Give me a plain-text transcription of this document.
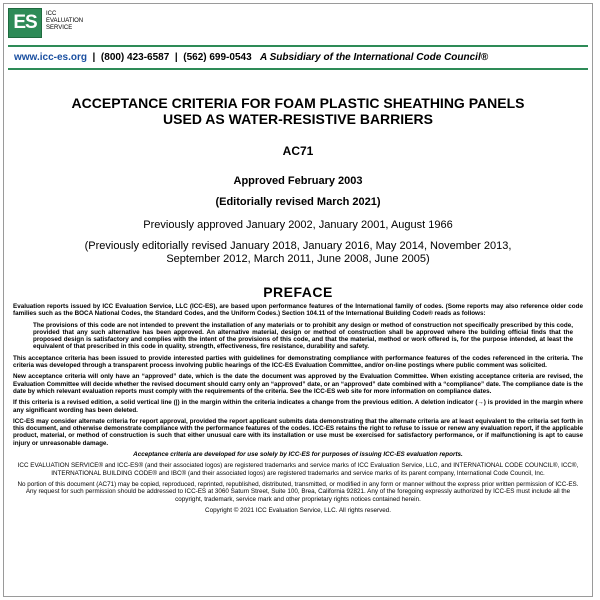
ES ICC
EVALUATION
SERVICE
www.icc-es.org | (800) 423-6587 | (562) 699-0543 A Subsidiary of the International Code Council®
ACCEPTANCE CRITERIA FOR FOAM PLASTIC SHEATHING PANELS
USED AS WATER-RESISTIVE BARRIERS
AC71
Approved February 2003
(Editorially revised March 2021)
Previously approved January 2002, January 2001, August 1966
(Previously editorially revised January 2018, January 2016, May 2014, November 2013,
September 2012, March 2011, June 2008, June 2005)
PREFACE

Evaluation reports issued by ICC Evaluation Service, LLC (ICC-ES), are based upon performance features of the International family of codes. (Some reports may also reference older code families such as the BOCA National Codes, the Standard Codes, and the Uniform Codes.) Section 104.11 of the International Building Code® reads as follows:

The provisions of this code are not intended to prevent the installation of any materials or to prohibit any design or method of construction not specifically prescribed by this code, provided that any such alternative has been approved. An alternative material, design or method of construction shall be approved where the building official finds that the proposed design is satisfactory and complies with the intent of the provisions of this code, and that the material, method or work offered is, for the purpose intended, at least the equivalent of that prescribed in this code in quality, strength, effectiveness, fire resistance, durability and safety.

This acceptance criteria has been issued to provide interested parties with guidelines for demonstrating compliance with performance features of the codes referenced in the criteria. The criteria was developed through a transparent process involving public hearings of the ICC-ES Evaluation Committee, and/or on-line postings where public comment was solicited.

New acceptance criteria will only have an “approved” date, which is the date the document was approved by the Evaluation Committee. When existing acceptance criteria are revised, the Evaluation Committee will decide whether the revised document should carry only an “approved” date, or an “approved” date combined with a “compliance” date. The compliance date is the date by which relevant evaluation reports must comply with the requirements of the criteria. See the ICC-ES web site for more information on compliance dates.

If this criteria is a revised edition, a solid vertical line (|) in the margin within the criteria indicates a change from the previous edition. A deletion indicator (→) is provided in the margin where any significant wording has been deleted.

ICC-ES may consider alternate criteria for report approval, provided the report applicant submits data demonstrating that the alternate criteria are at least equivalent to the criteria set forth in this document, and otherwise demonstrate compliance with the performance features of the codes. ICC-ES retains the right to refuse to issue or renew any evaluation report, if the applicable product, material, or method of construction is such that either unusual care with its installation or use must be exercised for satisfactory performance, or if malfunctioning is apt to cause injury or unreasonable damage.

Acceptance criteria are developed for use solely by ICC-ES for purposes of issuing ICC-ES evaluation reports.

ICC EVALUATION SERVICE® and ICC-ES® (and their associated logos) are registered trademarks and service marks of ICC Evaluation Service, LLC, and INTERNATIONAL CODE COUNCIL®, ICC®, INTERNATIONAL BUILDING CODE® and IBC® (and their associated logos) are registered trademarks and service marks of its parent company, International Code Council, Inc.

No portion of this document (AC71) may be copied, reproduced, reprinted, republished, distributed, transmitted, or modified in any form or manner without the express prior written permission of ICC-ES. Any request for such permission should be addressed to ICC-ES at 3060 Saturn Street, Suite 100, Brea, California 92821. Any of the foregoing expressly authorized by ICC-ES must include all the copyright, trademark, service mark and other proprietary rights notices contained herein.

Copyright © 2021 ICC Evaluation Service, LLC. All rights reserved.
